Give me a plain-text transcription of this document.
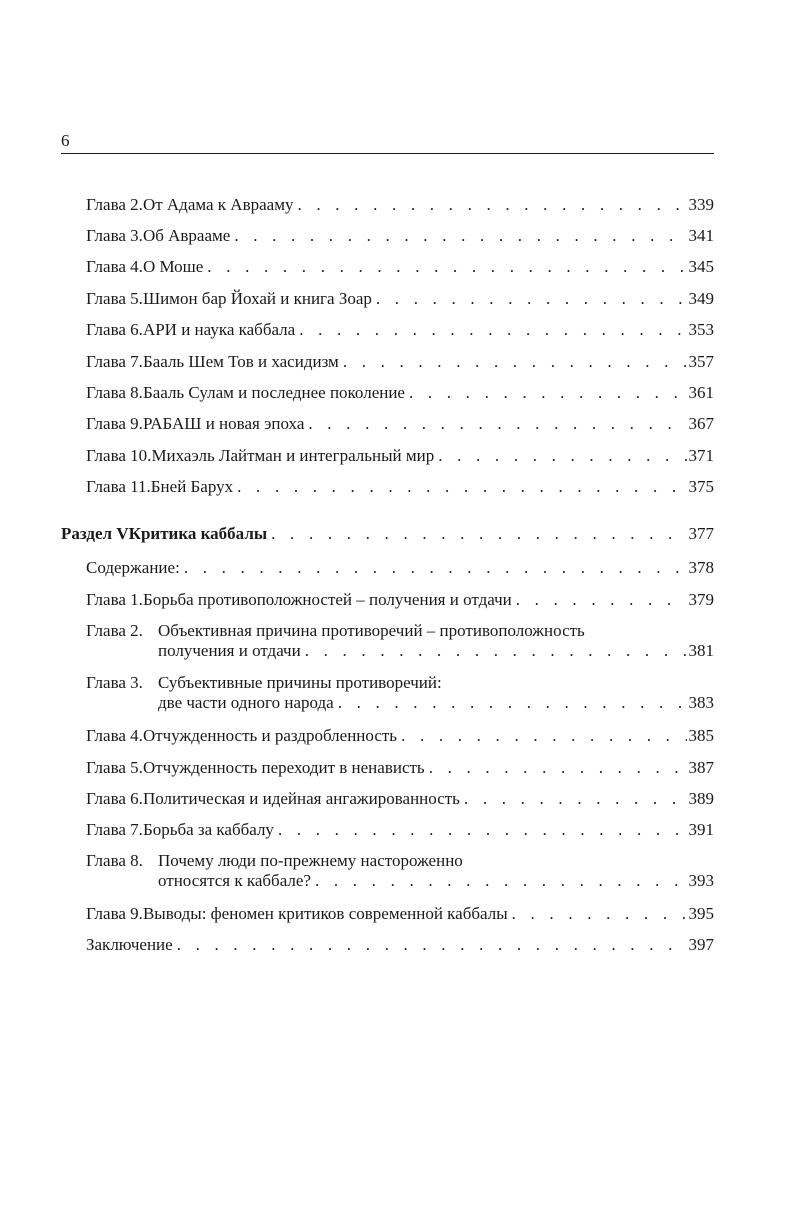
6
Глава 2. От Адама к Аврааму . . .	339
Глава 3. Об Аврааме . . .	341
Глава 4. О Моше . . .	345
Глава 5. Шимон бар Йохай и книга Зоар . . .	349
Глава 6. АРИ и наука каббала . . .	353
Глава 7. Бааль Шем Тов и хасидизм . . .	357
Глава 8. Бааль Сулам и последнее поколение . . .	361
Глава 9. РАБАШ и новая эпоха . . .	367
Глава 10. Михаэль Лайтман и интегральный мир . . .	371
Глава 11. Бней Барух . . .	375
Раздел V Критика каббалы . . .	377
Содержание: . . .	378
Глава 1. Борьба противоположностей – получения и отдачи . . .	379
Глава 2. Объективная причина противоречий – противоположность
получения и отдачи . . .	381
Глава 3. Субъективные причины противоречий:
две части одного народа . . .	383
Глава 4. Отчужденность и раздробленность . . .	385
Глава 5. Отчужденность переходит в ненависть . . .	387
Глава 6. Политическая и идейная ангажированность . . .	389
Глава 7. Борьба за каббалу . . .	391
Глава 8. Почему люди по-прежнему настороженно
относятся к каббале? . . .	393
Глава 9. Выводы: феномен критиков современной каббалы . . .	395
Заключение . . .	397
